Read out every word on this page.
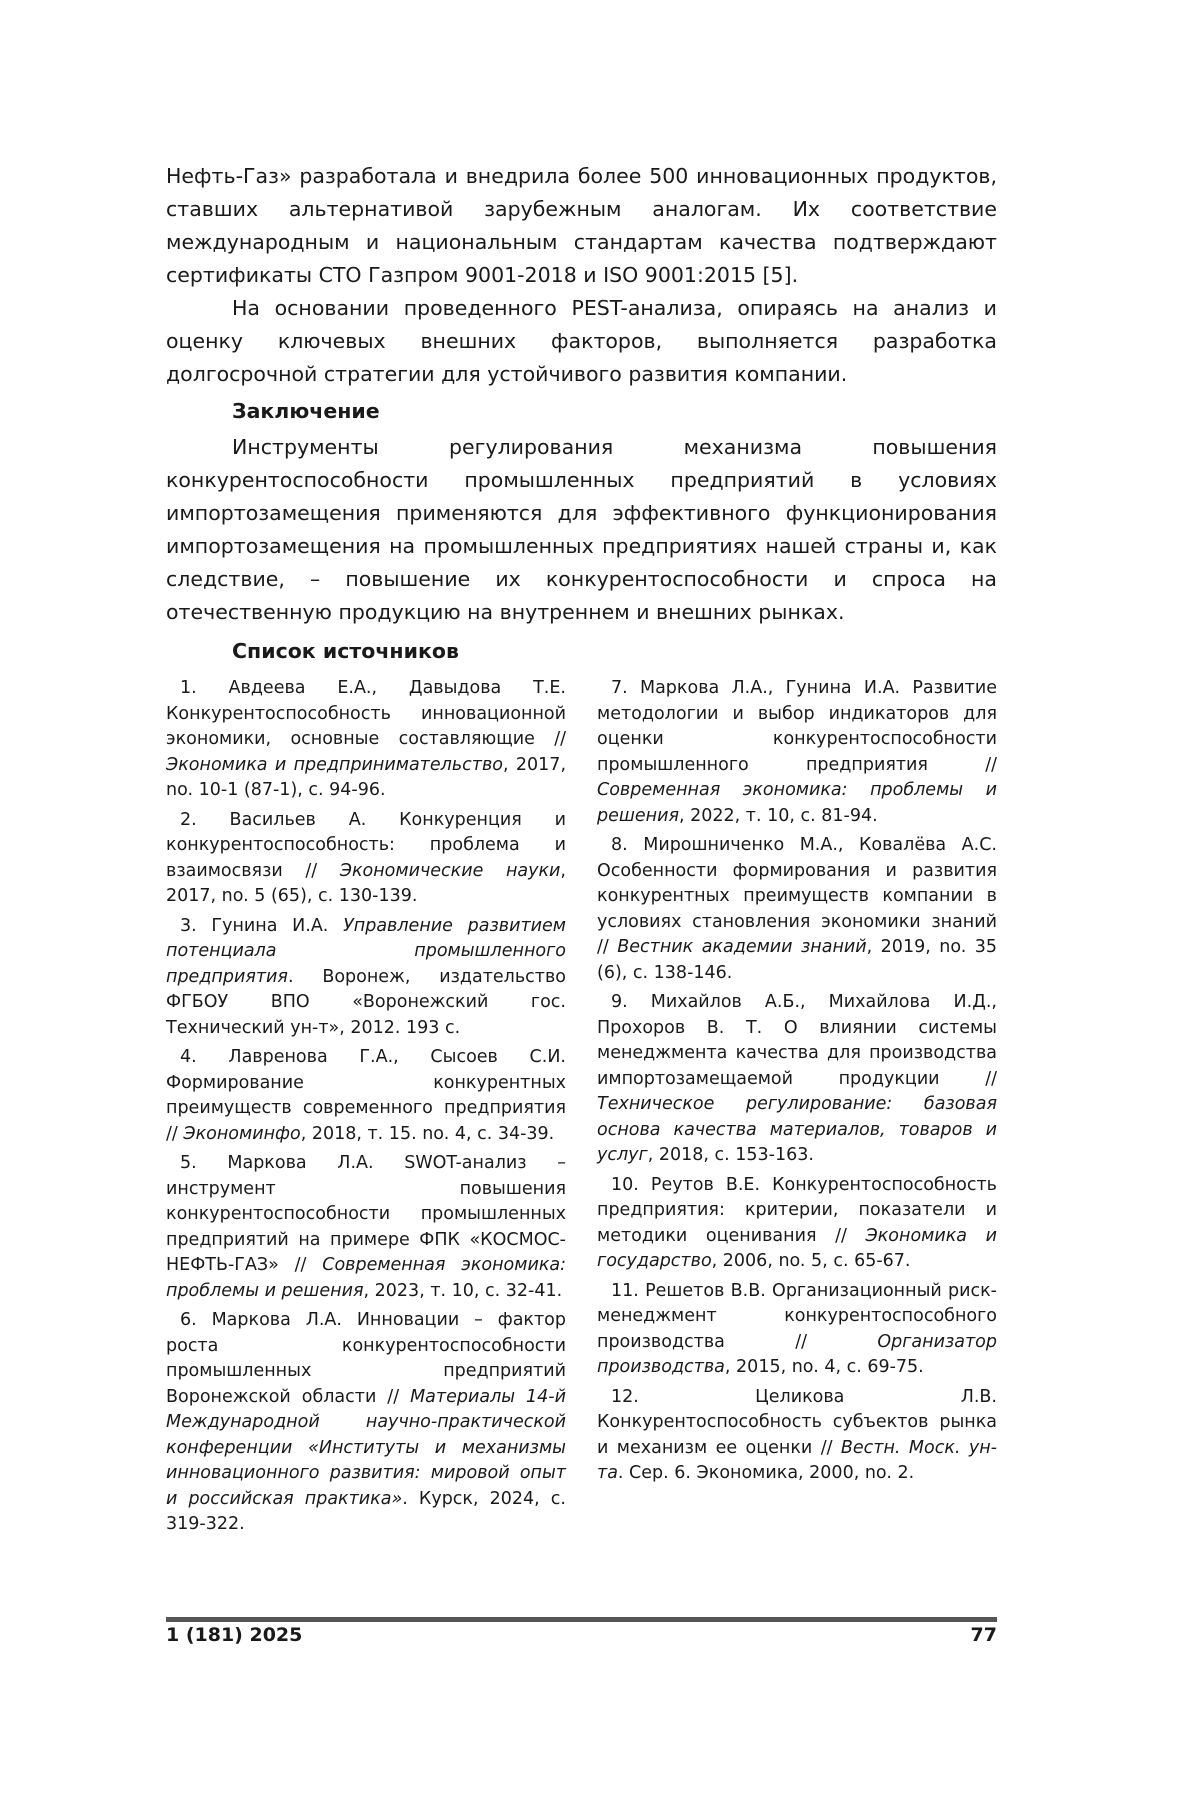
Нефть-Газ» разработала и внедрила более 500 инновационных продуктов, ставших альтернативой зарубежным аналогам. Их соответствие международным и национальным стандартам качества подтверждают сертификаты СТО Газпром 9001-2018 и ISO 9001:2015 [5].

На основании проведенного PEST-анализа, опираясь на анализ и оценку ключевых внешних факторов, выполняется разработка долгосрочной стратегии для устойчивого развития компании.

Заключение

Инструменты регулирования механизма повышения конкурентоспособности промышленных предприятий в условиях импортозамещения применяются для эффективного функционирования импортозамещения на промышленных предприятиях нашей страны и, как следствие, – повышение их конкурентоспособности и спроса на отечественную продукцию на внутреннем и внешних рынках.

Список источников

1. Авдеева Е.А., Давыдова Т.Е. Конкурентоспособность инновационной экономики, основные составляющие // Экономика и предпринимательство, 2017, no. 10-1 (87-1), с. 94-96.

2. Васильев А. Конкуренция и конкурентоспособность: проблема и взаимосвязи // Экономические науки, 2017, no. 5 (65), с. 130-139.

3. Гунина И.А. Управление развитием потенциала промышленного предприятия. Воронеж, издательство ФГБОУ ВПО «Воронежский гос. Технический ун-т», 2012. 193 с.

4. Лавренова Г.А., Сысоев С.И. Формирование конкурентных преимуществ современного предприятия // Экономинфо, 2018, т. 15. no. 4, с. 34-39.

5. Маркова Л.А. SWOT-анализ – инструмент повышения конкурентоспособности промышленных предприятий на примере ФПК «КОСМОС-НЕФТЬ-ГАЗ» // Современная экономика: проблемы и решения, 2023, т. 10, с. 32-41.

6. Маркова Л.А. Инновации – фактор роста конкурентоспособности промышленных предприятий Воронежской области // Материалы 14-й Международной научно-практической конференции «Институты и механизмы инновационного развития: мировой опыт и российская практика». Курск, 2024, с. 319-322.

7. Маркова Л.А., Гунина И.А. Развитие методологии и выбор индикаторов для оценки конкурентоспособности промышленного предприятия // Современная экономика: проблемы и решения, 2022, т. 10, с. 81-94.

8. Мирошниченко М.А., Ковалёва А.С. Особенности формирования и развития конкурентных преимуществ компании в условиях становления экономики знаний // Вестник академии знаний, 2019, no. 35 (6), с. 138-146.

9. Михайлов А.Б., Михайлова И.Д., Прохоров В. Т. О влиянии системы менеджмента качества для производства импортозамещаемой продукции // Техническое регулирование: базовая основа качества материалов, товаров и услуг, 2018, с. 153-163.

10. Реутов В.Е. Конкурентоспособность предприятия: критерии, показатели и методики оценивания // Экономика и государство, 2006, no. 5, с. 65-67.

11. Решетов В.В. Организационный риск-менеджмент конкурентоспособного производства // Организатор производства, 2015, no. 4, с. 69-75.

12. Целикова Л.В. Конкурентоспособность субъектов рынка и механизм ее оценки // Вестн. Моск. ун-та. Сер. 6. Экономика, 2000, no. 2.

1 (181) 2025	77
